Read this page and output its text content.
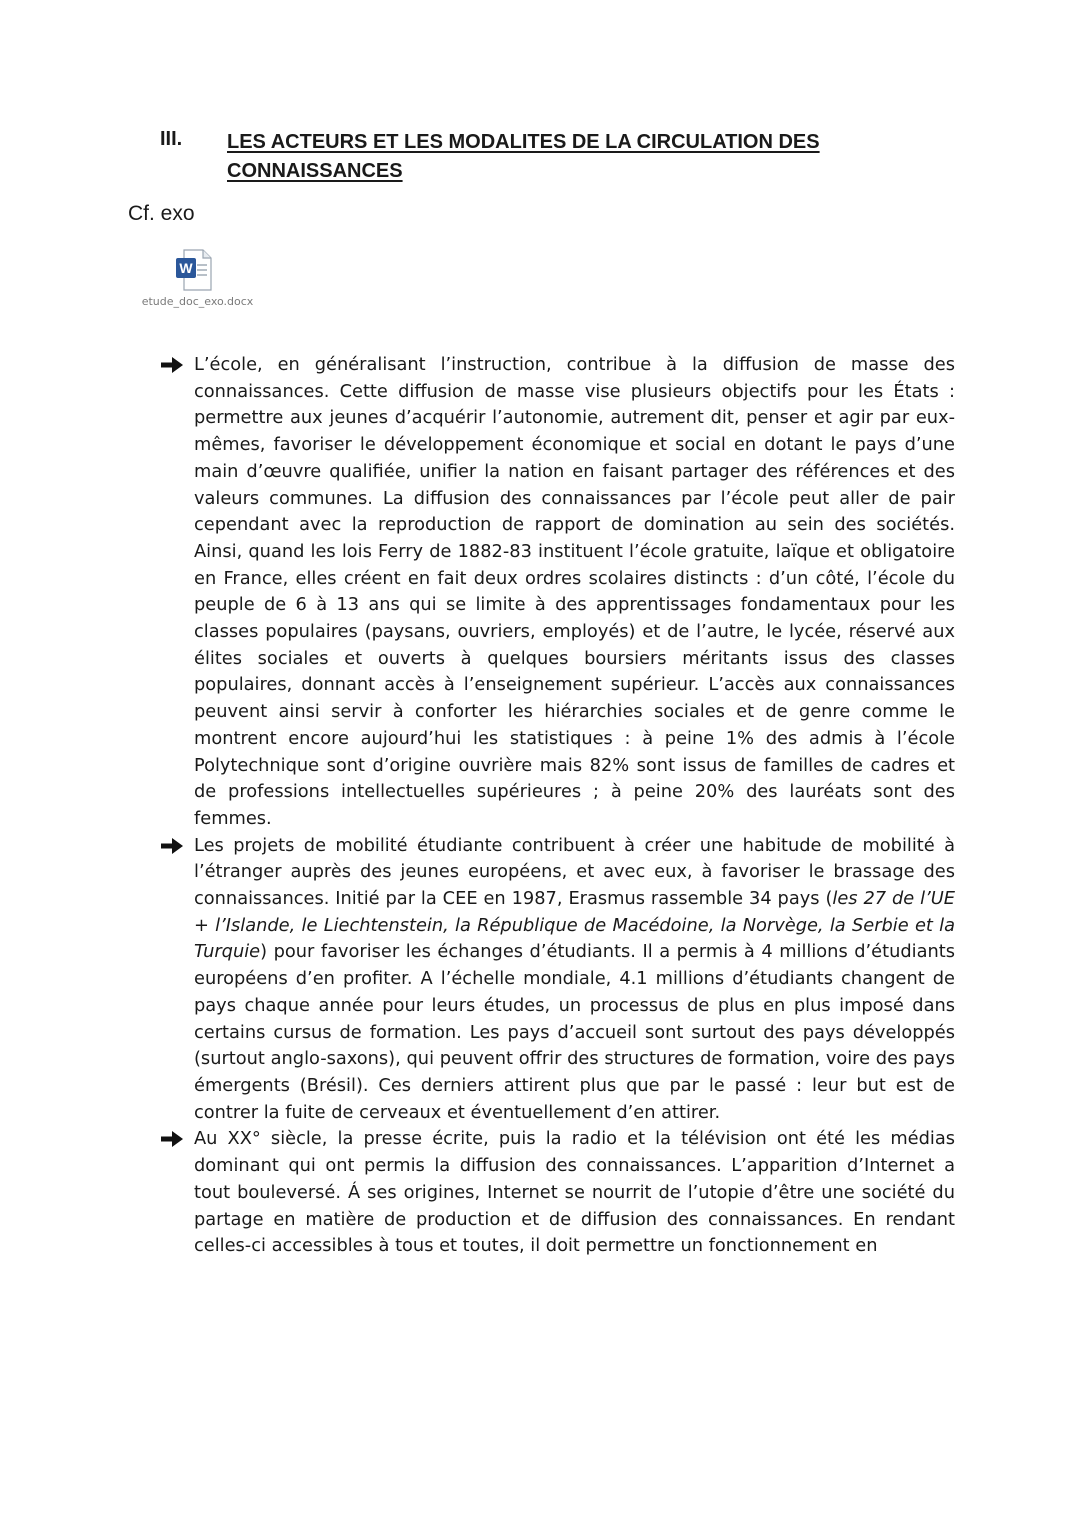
III. LES ACTEURS ET LES MODALITES DE LA CIRCULATION DES CONNAISSANCES
Cf. exo
W
etude_doc_exo.docx
L’école, en généralisant l’instruction, contribue à la diffusion de masse des connaissances. Cette diffusion de masse vise plusieurs objectifs pour les États : permettre aux jeunes d’acquérir l’autonomie, autrement dit, penser et agir par eux-mêmes, favoriser le développement économique et social en dotant le pays d’une main d’œuvre qualifiée, unifier la nation en faisant partager des références et des valeurs communes. La diffusion des connaissances par l’école peut aller de pair cependant avec la reproduction de rapport de domination au sein des sociétés. Ainsi, quand les lois Ferry de 1882-83 instituent l’école gratuite, laïque et obligatoire en France, elles créent en fait deux ordres scolaires distincts : d’un côté, l’école du peuple de 6 à 13 ans qui se limite à des apprentissages fondamentaux pour les classes populaires (paysans, ouvriers, employés) et de l’autre, le lycée, réservé aux élites sociales et ouverts à quelques boursiers méritants issus des classes populaires, donnant accès à l’enseignement supérieur. L’accès aux connaissances peuvent ainsi servir à conforter les hiérarchies sociales et de genre comme le montrent encore aujourd’hui les statistiques : à peine 1% des admis à l’école Polytechnique sont d’origine ouvrière mais 82% sont issus de familles de cadres et de professions intellectuelles supérieures ; à peine 20% des lauréats sont des femmes.
Les projets de mobilité étudiante contribuent à créer une habitude de mobilité à l’étranger auprès des jeunes européens, et avec eux, à favoriser le brassage des connaissances. Initié par la CEE en 1987, Erasmus rassemble 34 pays (les 27 de l’UE + l’Islande, le Liechtenstein, la République de Macédoine, la Norvège, la Serbie et la Turquie) pour favoriser les échanges d’étudiants. Il a permis à 4 millions d’étudiants européens d’en profiter. A l’échelle mondiale, 4.1 millions d’étudiants changent de pays chaque année pour leurs études, un processus de plus en plus imposé dans certains cursus de formation. Les pays d’accueil sont surtout des pays développés (surtout anglo-saxons), qui peuvent offrir des structures de formation, voire des pays émergents (Brésil). Ces derniers attirent plus que par le passé : leur but est de contrer la fuite de cerveaux et éventuellement d’en attirer.
Au XX° siècle, la presse écrite, puis la radio et la télévision ont été les médias dominant qui ont permis la diffusion des connaissances. L’apparition d’Internet a tout bouleversé. Á ses origines, Internet se nourrit de l’utopie d’être une société du partage en matière de production et de diffusion des connaissances. En rendant celles-ci accessibles à tous et toutes, il doit permettre un fonctionnement en
